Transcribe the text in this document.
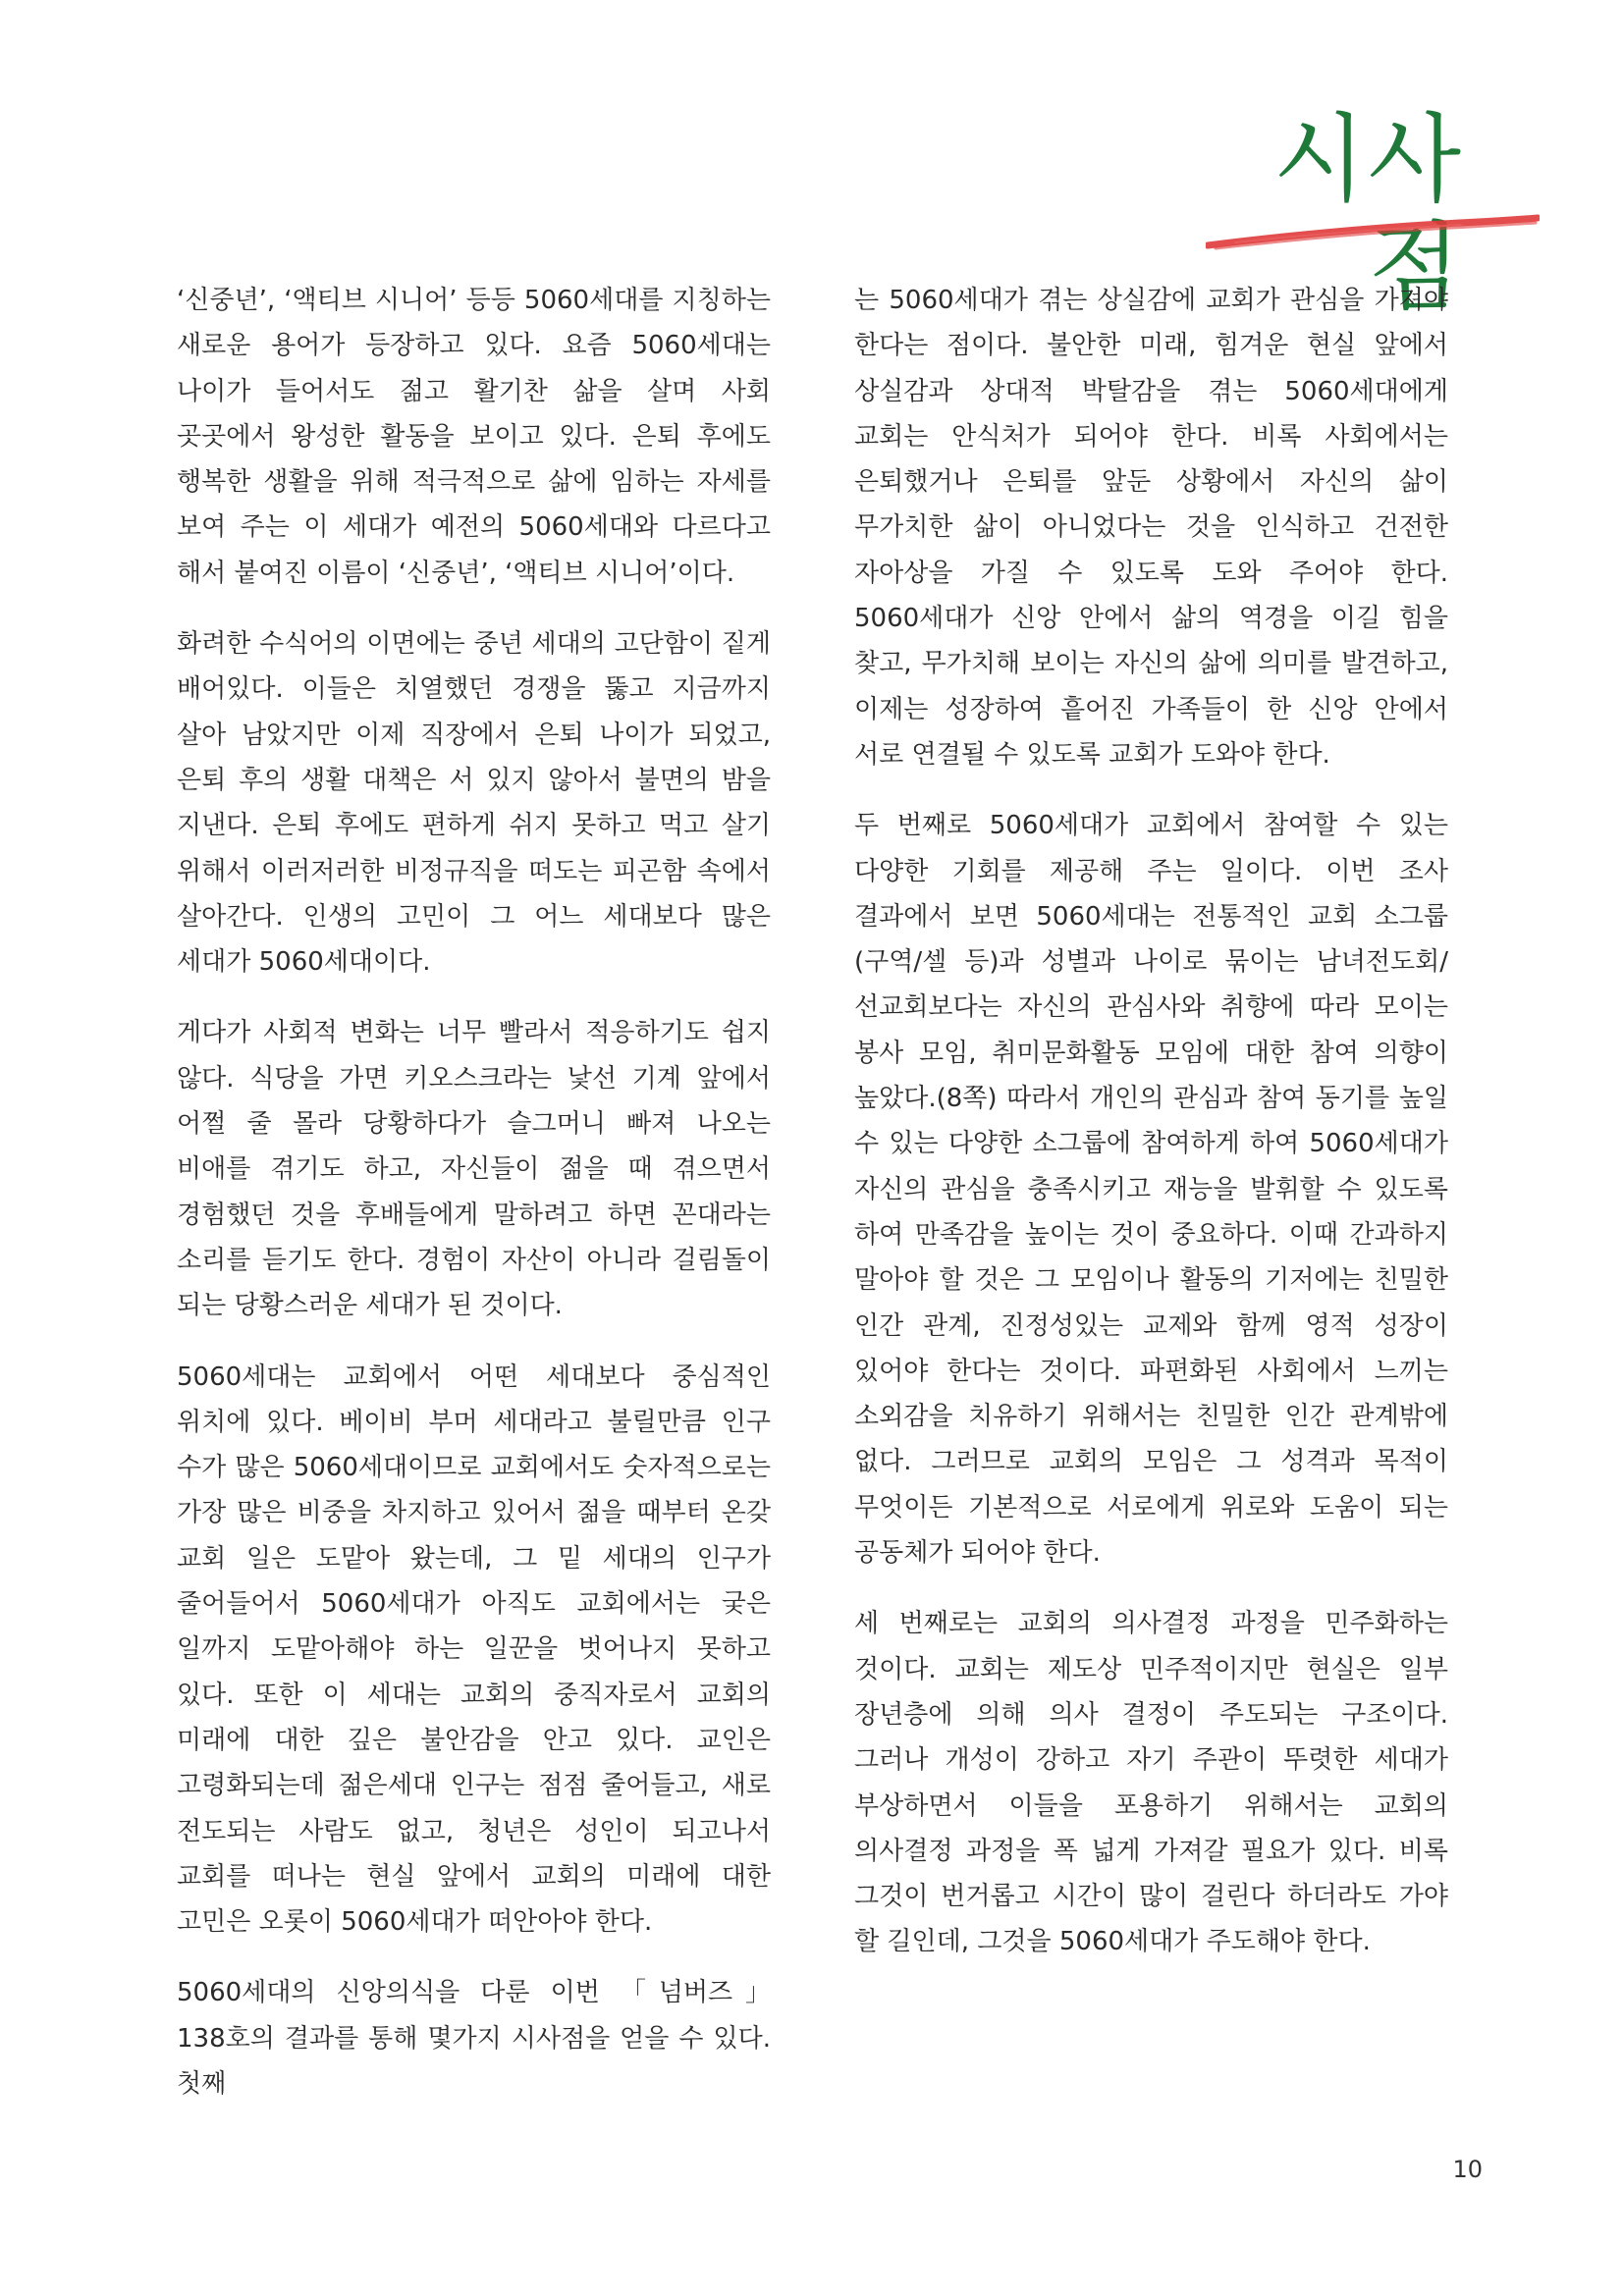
시사점

‘신중년’, ‘액티브 시니어’ 등등 5060세대를 지칭하는 새로운 용어가 등장하고 있다. 요즘 5060세대는 나이가 들어서도 젊고 활기찬 삶을 살며 사회 곳곳에서 왕성한 활동을 보이고 있다. 은퇴 후에도 행복한 생활을 위해 적극적으로 삶에 임하는 자세를 보여 주는 이 세대가 예전의 5060세대와 다르다고 해서 붙여진 이름이 ‘신중년’, ‘액티브 시니어’이다.

화려한 수식어의 이면에는 중년 세대의 고단함이 짙게 배어있다. 이들은 치열했던 경쟁을 뚫고 지금까지 살아 남았지만 이제 직장에서 은퇴 나이가 되었고, 은퇴 후의 생활 대책은 서 있지 않아서 불면의 밤을 지낸다. 은퇴 후에도 편하게 쉬지 못하고 먹고 살기 위해서 이러저러한 비정규직을 떠도는 피곤함 속에서 살아간다. 인생의 고민이 그 어느 세대보다 많은 세대가 5060세대이다.

게다가 사회적 변화는 너무 빨라서 적응하기도 쉽지 않다. 식당을 가면 키오스크라는 낯선 기계 앞에서 어쩔 줄 몰라 당황하다가 슬그머니 빠져 나오는 비애를 겪기도 하고, 자신들이 젊을 때 겪으면서 경험했던 것을 후배들에게 말하려고 하면 꼰대라는 소리를 듣기도 한다. 경험이 자산이 아니라 걸림돌이 되는 당황스러운 세대가 된 것이다.

5060세대는 교회에서 어떤 세대보다 중심적인 위치에 있다. 베이비 부머 세대라고 불릴만큼 인구 수가 많은 5060세대이므로 교회에서도 숫자적으로는 가장 많은 비중을 차지하고 있어서 젊을 때부터 온갖 교회 일은 도맡아 왔는데, 그 밑 세대의 인구가 줄어들어서 5060세대가 아직도 교회에서는 궂은 일까지 도맡아해야 하는 일꾼을 벗어나지 못하고 있다. 또한 이 세대는 교회의 중직자로서 교회의 미래에 대한 깊은 불안감을 안고 있다. 교인은 고령화되는데 젊은세대 인구는 점점 줄어들고, 새로 전도되는 사람도 없고, 청년은 성인이 되고나서 교회를 떠나는 현실 앞에서 교회의 미래에 대한 고민은 오롯이 5060세대가 떠안아야 한다.

5060세대의 신앙의식을 다룬 이번 「넘버즈」 138호의 결과를 통해 몇가지 시사점을 얻을 수 있다. 첫째

는 5060세대가 겪는 상실감에 교회가 관심을 가져야 한다는 점이다. 불안한 미래, 힘겨운 현실 앞에서 상실감과 상대적 박탈감을 겪는 5060세대에게 교회는 안식처가 되어야 한다. 비록 사회에서는 은퇴했거나 은퇴를 앞둔 상황에서 자신의 삶이 무가치한 삶이 아니었다는 것을 인식하고 건전한 자아상을 가질 수 있도록 도와 주어야 한다. 5060세대가 신앙 안에서 삶의 역경을 이길 힘을 찾고, 무가치해 보이는 자신의 삶에 의미를 발견하고, 이제는 성장하여 흩어진 가족들이 한 신앙 안에서 서로 연결될 수 있도록 교회가 도와야 한다.

두 번째로 5060세대가 교회에서 참여할 수 있는 다양한 기회를 제공해 주는 일이다. 이번 조사 결과에서 보면 5060세대는 전통적인 교회 소그룹(구역/셀 등)과 성별과 나이로 묶이는 남녀전도회/선교회보다는 자신의 관심사와 취향에 따라 모이는 봉사 모임, 취미문화활동 모임에 대한 참여 의향이 높았다.(8쪽) 따라서 개인의 관심과 참여 동기를 높일 수 있는 다양한 소그룹에 참여하게 하여 5060세대가 자신의 관심을 충족시키고 재능을 발휘할 수 있도록 하여 만족감을 높이는 것이 중요하다. 이때 간과하지 말아야 할 것은 그 모임이나 활동의 기저에는 친밀한 인간 관계, 진정성있는 교제와 함께 영적 성장이 있어야 한다는 것이다. 파편화된 사회에서 느끼는 소외감을 치유하기 위해서는 친밀한 인간 관계밖에 없다. 그러므로 교회의 모임은 그 성격과 목적이 무엇이든 기본적으로 서로에게 위로와 도움이 되는 공동체가 되어야 한다.

세 번째로는 교회의 의사결정 과정을 민주화하는 것이다. 교회는 제도상 민주적이지만 현실은 일부 장년층에 의해 의사 결정이 주도되는 구조이다. 그러나 개성이 강하고 자기 주관이 뚜렷한 세대가 부상하면서 이들을 포용하기 위해서는 교회의 의사결정 과정을 폭 넓게 가져갈 필요가 있다. 비록 그것이 번거롭고 시간이 많이 걸린다 하더라도 가야 할 길인데, 그것을 5060세대가 주도해야 한다.

10
